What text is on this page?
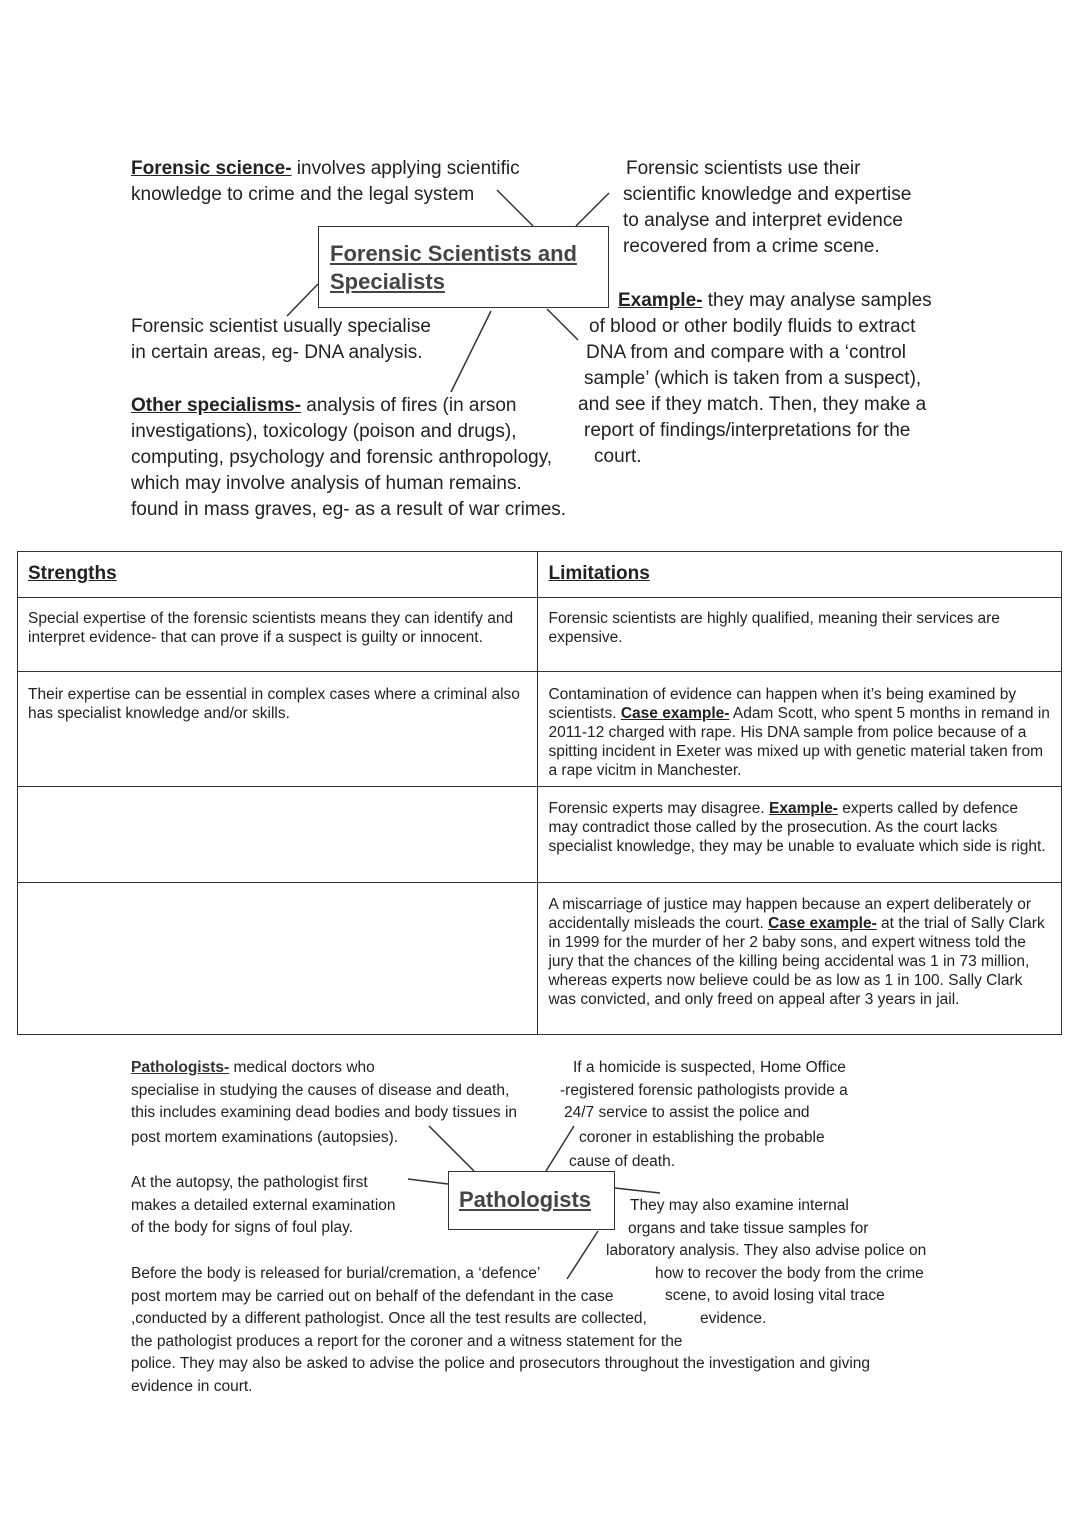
Forensic science- involves applying scientific
knowledge to crime and the legal system
Forensic Scientists and
Specialists
Forensic scientists use their
scientific knowledge and expertise
to analyse and interpret evidence
recovered from a crime scene.
Example- they may analyse samples
of blood or other bodily fluids to extract
DNA from and compare with a ‘control
sample’ (which is taken from a suspect),
and see if they match. Then, they make a
report of findings/interpretations for the
court.
Forensic scientist usually specialise
in certain areas, eg- DNA analysis.
Other specialisms- analysis of fires (in arson
investigations), toxicology (poison and drugs),
computing, psychology and forensic anthropology,
which may involve analysis of human remains.
found in mass graves, eg- as a result of war crimes.
Strengths	Limitations
Special expertise of the forensic scientists means they can identify and interpret evidence- that can prove if a suspect is guilty or innocent.	Forensic scientists are highly qualified, meaning their services are expensive.
Their expertise can be essential in complex cases where a criminal also has specialist knowledge and/or skills.	Contamination of evidence can happen when it’s being examined by scientists. Case example- Adam Scott, who spent 5 months in remand in 2011-12 charged with rape. His DNA sample from police because of a spitting incident in Exeter was mixed up with genetic material taken from a rape vicitm in Manchester.
	Forensic experts may disagree. Example- experts called by defence may contradict those called by the prosecution. As the court lacks specialist knowledge, they may be unable to evaluate which side is right.
	A miscarriage of justice may happen because an expert deliberately or accidentally misleads the court. Case example- at the trial of Sally Clark in 1999 for the murder of her 2 baby sons, and expert witness told the jury that the chances of the killing being accidental was 1 in 73 million, whereas experts now believe could be as low as 1 in 100. Sally Clark was convicted, and only freed on appeal after 3 years in jail.
Pathologists- medical doctors who
specialise in studying the causes of disease and death,
this includes examining dead bodies and body tissues in
post mortem examinations (autopsies).
If a homicide is suspected, Home Office
-registered forensic pathologists provide a
24/7 service to assist the police and
coroner in establishing the probable
cause of death.
At the autopsy, the pathologist first
makes a detailed external examination
of the body for signs of foul play.
Pathologists	They may also examine internal
organs and take tissue samples for
laboratory analysis. They also advise police on
how to recover the body from the crime
scene, to avoid losing vital trace
evidence.
Before the body is released for burial/cremation, a ‘defence’
post mortem may be carried out on behalf of the defendant in the case
,conducted by a different pathologist. Once all the test results are collected,
the pathologist produces a report for the coroner and a witness statement for the
police. They may also be asked to advise the police and prosecutors throughout the investigation and giving
evidence in court.
